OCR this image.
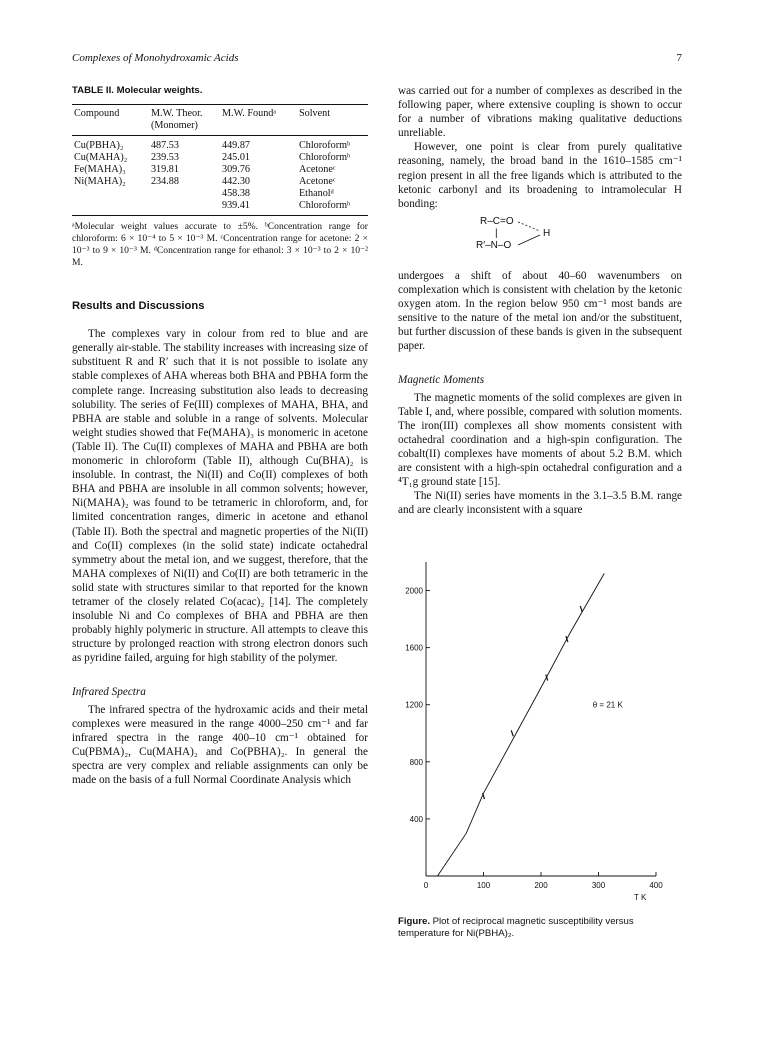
Complexes of Monohydroxamic Acids	7
TABLE II. Molecular weights.
Compound	M.W. Theor. (Monomer)	M.W. Foundᵃ	Solvent
Cu(PBHA)₂	487.53	449.87	Chloroformᵇ
Cu(MAHA)₂	239.53	245.01	Chloroformᵇ
Fe(MAHA)₃	319.81	309.76	Acetoneᶜ
Ni(MAHA)₂	234.88	442.30	Acetoneᶜ
		458.38	Ethanolᵈ
		939.41	Chloroformᵇ

ᵃMolecular weight values accurate to ±5%. ᵇConcentration range for chloroform: 6 × 10⁻⁴ to 5 × 10⁻³ M. ᶜConcentration range for acetone: 2 × 10⁻³ to 9 × 10⁻³ M. ᵈConcentration range for ethanol: 3 × 10⁻³ to 2 × 10⁻² M.

Results and Discussions

The complexes vary in colour from red to blue and are generally air-stable. The stability increases with increasing size of substituent R and R′ such that it is not possible to isolate any stable complexes of AHA whereas both BHA and PBHA form the complete range. Increasing substitution also leads to decreasing solubility. The series of Fe(III) complexes of MAHA, BHA, and PBHA are stable and soluble in a range of solvents. Molecular weight studies showed that Fe(MAHA)₃ is monomeric in acetone (Table II). The Cu(II) complexes of MAHA and PBHA are both monomeric in chloroform (Table II), although Cu(BHA)₂ is insoluble. In contrast, the Ni(II) and Co(II) complexes of both BHA and PBHA are insoluble in all common solvents; however, Ni(MAHA)₂ was found to be tetrameric in chloroform, and, for limited concentration ranges, dimeric in acetone and ethanol (Table II). Both the spectral and magnetic properties of the Ni(II) and Co(II) complexes (in the solid state) indicate octahedral symmetry about the metal ion, and we suggest, therefore, that the MAHA complexes of Ni(II) and Co(II) are both tetrameric in the solid state with structures similar to that reported for the known tetramer of the closely related Co(acac)₂ [14]. The completely insoluble Ni and Co complexes of BHA and PBHA are then probably highly polymeric in structure. All attempts to cleave this structure by prolonged reaction with strong electron donors such as pyridine failed, arguing for high stability of the polymer.

Infrared Spectra

The infrared spectra of the hydroxamic acids and their metal complexes were measured in the range 4000–250 cm⁻¹ and far infrared spectra in the range 400–10 cm⁻¹ obtained for Cu(PBMA)₂, Cu(MAHA)₂ and Co(PBHA)₂. In general the spectra are very complex and reliable assignments can only be made on the basis of a full Normal Coordinate Analysis which

was carried out for a number of complexes as described in the following paper, where extensive coupling is shown to occur for a number of vibrations making qualitative deductions unreliable.

However, one point is clear from purely qualitative reasoning, namely, the broad band in the 1610–1585 cm⁻¹ region present in all the free ligands which is attributed to the ketonic carbonyl and its broadening to intramolecular H bonding:

R–C=O
|
R′–N–O
H

undergoes a shift of about 40–60 wavenumbers on complexation which is consistent with chelation by the ketonic oxygen atom. In the region below 950 cm⁻¹ most bands are sensitive to the nature of the metal ion and/or the substituent, but further discussion of these bands is given in the subsequent paper.

Magnetic Moments

The magnetic moments of the solid complexes are given in Table I, and, where possible, compared with solution moments. The iron(III) complexes all show moments consistent with octahedral coordination and a high-spin configuration. The cobalt(II) complexes have moments of about 5.2 B.M. which are consistent with a high-spin octahedral configuration and a ⁴T₁g ground state [15].

The Ni(II) series have moments in the 3.1–3.5 B.M. range and are clearly inconsistent with a square

400
800
1200
1600
2000
0	100	200	300	400
T K
θ = 21 K
Figure. Plot of reciprocal magnetic susceptibility versus temperature for Ni(PBHA)₂.
